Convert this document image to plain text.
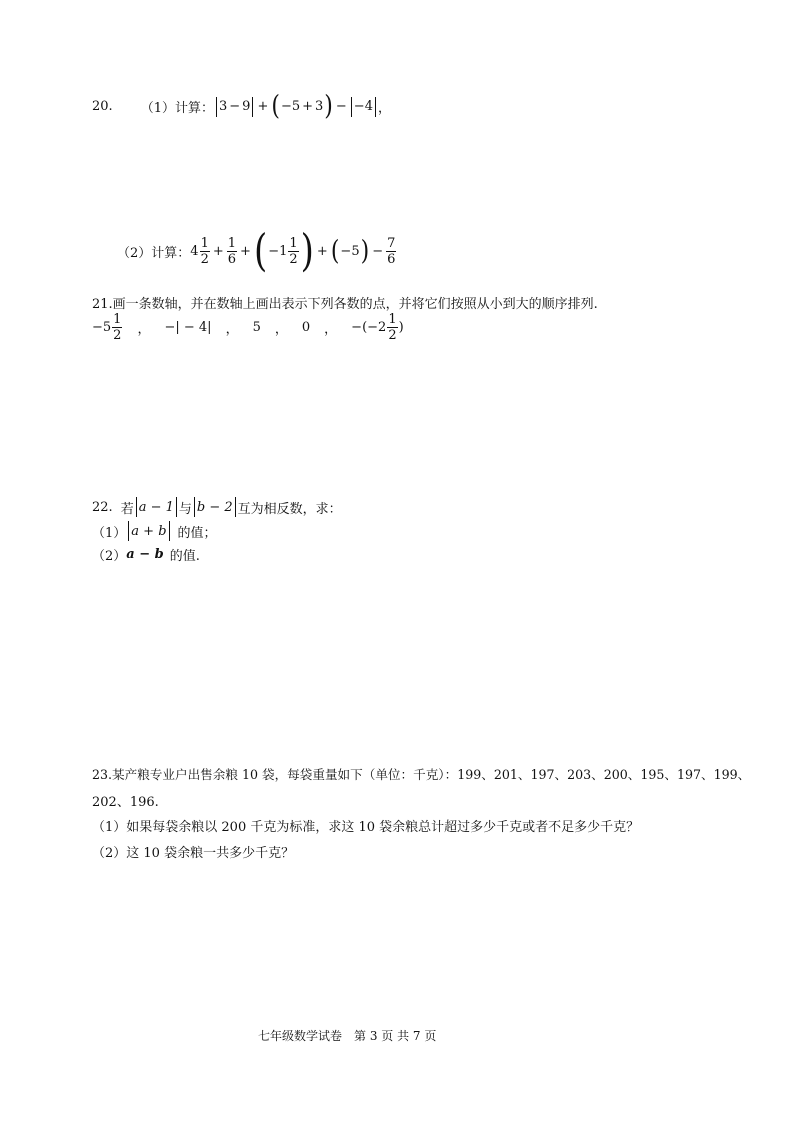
20. （1）计算： 3 − 9 + ( −5 + 3 ) − −4 ，
（2）计算： $4 \frac{1}{2} + \frac{1}{6}$ + ( $-1 \frac{1}{2}$ ) + ( −5 ) − $\frac{7}{6}$
21.画一条数轴，并在数轴上画出表示下列各数的点，并将它们按照从小到大的顺序排列.
$-5 \frac{1}{2}$ ， −| − 4| ， 5 ， 0 ， $-(-2 \frac{1}{2}$ )
22. 若 a − 1 与 b − 2 互为相反数，求：
（1） a + b 的值；
（2） a − b 的值.
23.某产粮专业户出售余粮 10 袋，每袋重量如下（单位：千克）：199、201、197、203、200、195、197、199、
202、196.
（1）如果每袋余粮以 200 千克为标准，求这 10 袋余粮总计超过多少千克或者不足多少千克？
（2）这 10 袋余粮一共多少千克？
七年级数学试卷　第 3 页 共 7 页
